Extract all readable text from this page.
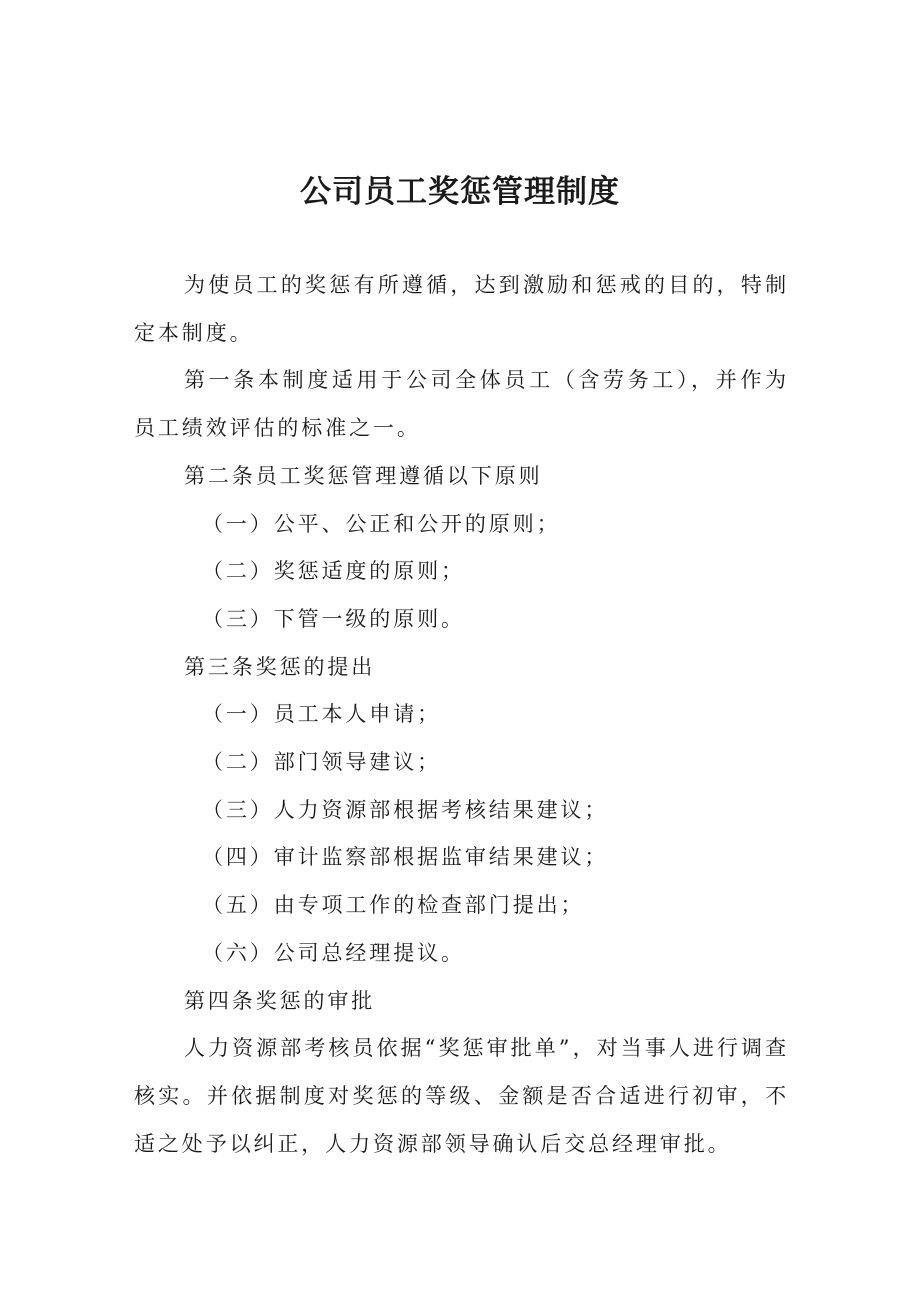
公司员工奖惩管理制度

为使员工的奖惩有所遵循，达到激励和惩戒的目的，特制定本制度。

第一条本制度适用于公司全体员工（含劳务工），并作为员工绩效评估的标准之一。

第二条员工奖惩管理遵循以下原则

（一）公平、公正和公开的原则；

（二）奖惩适度的原则；

（三）下管一级的原则。

第三条奖惩的提出

（一）员工本人申请；

（二）部门领导建议；

（三）人力资源部根据考核结果建议；

（四）审计监察部根据监审结果建议；

（五）由专项工作的检查部门提出；

（六）公司总经理提议。

第四条奖惩的审批

人力资源部考核员依据“奖惩审批单”，对当事人进行调查核实。并依据制度对奖惩的等级、金额是否合适进行初审，不适之处予以纠正，人力资源部领导确认后交总经理审批。
